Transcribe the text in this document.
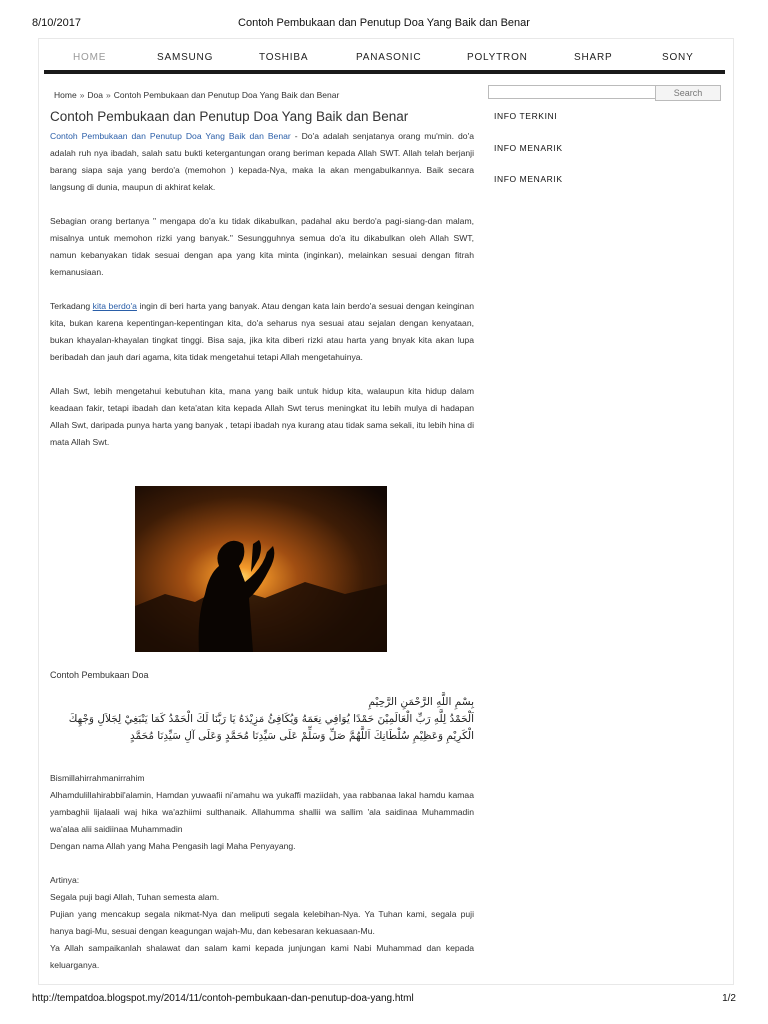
8/10/2017	Contoh Pembukaan dan Penutup Doa Yang Baik dan Benar
HOME	SAMSUNG	TOSHIBA	PANASONIC	POLYTRON	SHARP	SONY
Home » Doa » Contoh Pembukaan dan Penutup Doa Yang Baik dan Benar
Contoh Pembukaan dan Penutup Doa Yang Baik dan Benar

Contoh Pembukaan dan Penutup Doa Yang Baik dan Benar - Do'a adalah senjatanya orang mu'min. do'a adalah ruh nya ibadah, salah satu bukti ketergantungan orang beriman kepada Allah SWT. Allah telah berjanji barang siapa saja yang berdo'a (memohon ) kepada-Nya, maka Ia akan mengabulkannya. Baik secara langsung di dunia, maupun di akhirat kelak.

Sebagian orang bertanya " mengapa do'a ku tidak dikabulkan, padahal aku berdo'a pagi-siang-dan malam, misalnya untuk memohon rizki yang banyak." Sesungguhnya semua do'a itu dikabulkan oleh Allah SWT, namun kebanyakan tidak sesuai dengan apa yang kita minta (inginkan), melainkan sesuai dengan fitrah kemanusiaan.

Terkadang kita berdo'a ingin di beri harta yang banyak. Atau dengan kata lain berdo'a sesuai dengan keinginan kita, bukan karena kepentingan-kepentingan kita, do'a seharus nya sesuai atau sejalan dengan kenyataan, bukan khayalan-khayalan tingkat tinggi. Bisa saja, jika kita diberi rizki atau harta yang bnyak kita akan lupa beribadah dan jauh dari agama, kita tidak mengetahui tetapi Allah mengetahuinya.

Allah Swt, lebih mengetahui kebutuhan kita, mana yang baik untuk hidup kita, walaupun kita hidup dalam keadaan fakir, tetapi ibadah dan keta'atan kita kepada Allah Swt terus meningkat itu lebih mulya di hadapan Allah Swt, daripada punya harta yang banyak , tetapi ibadah nya kurang atau tidak sama sekali, itu lebih hina di mata Allah Swt.

Contoh Pembukaan Doa
بِسْمِ اللَّهِ الرَّحْمَنِ الرَّحِيْمِ
اَلْحَمْدُ لِلَّهِ رَبِّ الْعَالَمِيْنَ حَمْدًا يُوَافِي نِعَمَهُ وَيُكَافِئُ مَزِيْدَهُ يَا رَبَّنَا لَكَ الْحَمْدُ كَمَا يَنْبَغِيْ لِجَلاَلِ وَجْهِكَ الْكَرِيْمِ وَعَظِيْمِ سُلْطَانِكَ اَللَّهُمَّ صَلِّ وَسَلِّمْ عَلَى سَيِّدِنَا مُحَمَّدٍ وَعَلَى آلِ سَيِّدِنَا مُحَمَّدٍ
Bismillahirrahmanirrahim
Alhamdulillahirabbil'alamin, Hamdan yuwaafii ni'amahu wa yukaffi maziidah, yaa rabbanaa lakal hamdu kamaa yambaghii lijalaali waj hika wa'azhiimi sulthanaik. Allahumma shallii wa sallim 'ala saidinaa Muhammadin wa'alaa alii saidiinaa Muhammadin
Dengan nama Allah yang Maha Pengasih lagi Maha Penyayang.
Artinya:
Segala puji bagi Allah, Tuhan semesta alam.
Pujian yang mencakup segala nikmat-Nya dan meliputi segala kelebihan-Nya. Ya Tuhan kami, segala puji hanya bagi-Mu, sesuai dengan keagungan wajah-Mu, dan kebesaran kekuasaan-Mu.
Ya Allah sampaikanlah shalawat dan salam kami kepada junjungan kami Nabi Muhammad dan kepada keluarganya.
Search
INFO TERKINI
INFO MENARIK
INFO MENARIK
http://tempatdoa.blogspot.my/2014/11/contoh-pembukaan-dan-penutup-doa-yang.html	1/2
